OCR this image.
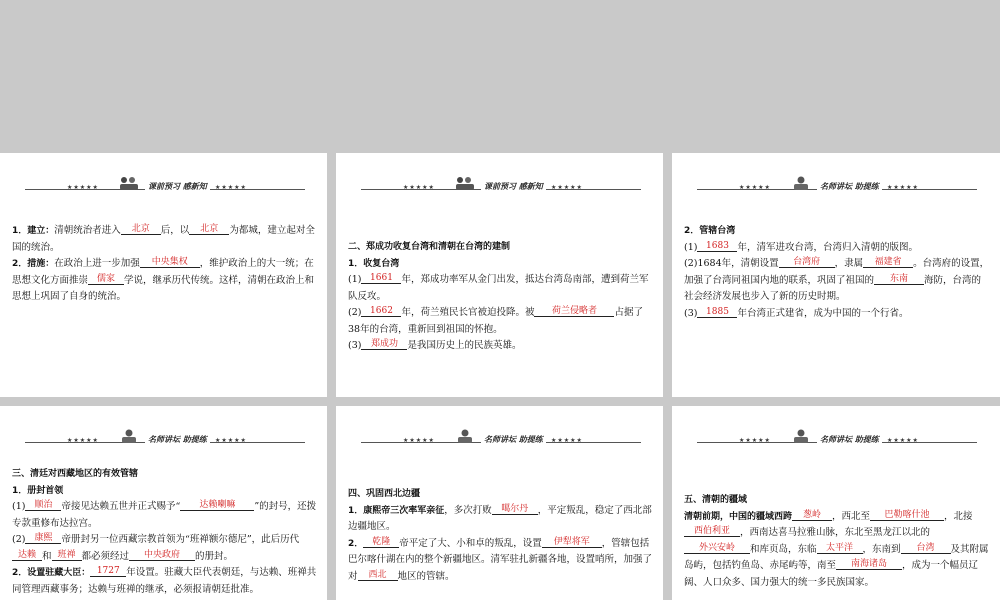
★★★★★	★★★★★
课前预习 感新知

1．建立：清朝统治者进入 北京 后，以 北京 为都城，建立起对全国的统治。

2．措施：在政治上进一步加强 中央集权 ，维护政治上的大一统；在思想文化方面推崇 儒家 学说，继承历代传统。这样，清朝在政治上和思想上巩固了自身的统治。

★★★★★	★★★★★
课前预习 感新知

二、郑成功收复台湾和清朝在台湾的建制

1．收复台湾

(1) 1661 年，郑成功率军从金门出发，抵达台湾岛南部，遭到荷兰军队反攻。

(2) 1662 年，荷兰殖民长官被迫投降。被 荷兰侵略者 占据了38年的台湾，重新回到祖国的怀抱。

(3) 郑成功 是我国历史上的民族英雄。

★★★★★	★★★★★
名师讲坛 助提练

2．管辖台湾

(1) 1683 年，清军进攻台湾，台湾归入清朝的版图。

(2)1684年，清朝设置 台湾府 ，隶属 福建省 。台湾府的设置，加强了台湾同祖国内地的联系，巩固了祖国的 东南 海防，台湾的社会经济发展也步入了新的历史时期。

(3) 1885 年台湾正式建省，成为中国的一个行省。

★★★★★	★★★★★
名师讲坛 助提练

三、清廷对西藏地区的有效管辖

1．册封首领

(1) 顺治 帝接见达赖五世并正式赐予“ 达赖喇嘛 ”的封号，还拨专款重修布达拉宫。

(2) 康熙 帝册封另一位西藏宗教首领为“班禅额尔德尼”，此后历代达赖 和 班禅 都必须经过 中央政府 的册封。

2．设置驻藏大臣： 1727 年设置。驻藏大臣代表朝廷，与达赖、班禅共同管理西藏事务；达赖与班禅的继承，必须报请朝廷批准。

★★★★★	★★★★★
名师讲坛 助提练

四、巩固西北边疆

1．康熙帝三次率军亲征，多次打败 噶尔丹 ，平定叛乱，稳定了西北部边疆地区。

2． 乾隆 帝平定了大、小和卓的叛乱，设置 伊犁将军 ，管辖包括巴尔喀什湖在内的整个新疆地区。清军驻扎新疆各地，设置哨所，加强了对 西北 地区的管辖。

★★★★★	★★★★★
名师讲坛 助提练

五、清朝的疆域

清朝前期，中国的疆域西跨 葱岭 ，西北至 巴勒喀什池 ，北接西伯利亚 ，西南达喜马拉雅山脉，东北至黑龙江以北的外兴安岭 和库页岛，东临 太平洋 ，东南到 台湾 及其附属岛屿，包括钓鱼岛、赤尾屿等，南至 南海诸岛 ，成为一个幅员辽阔、人口众多、国力强大的统一多民族国家。
